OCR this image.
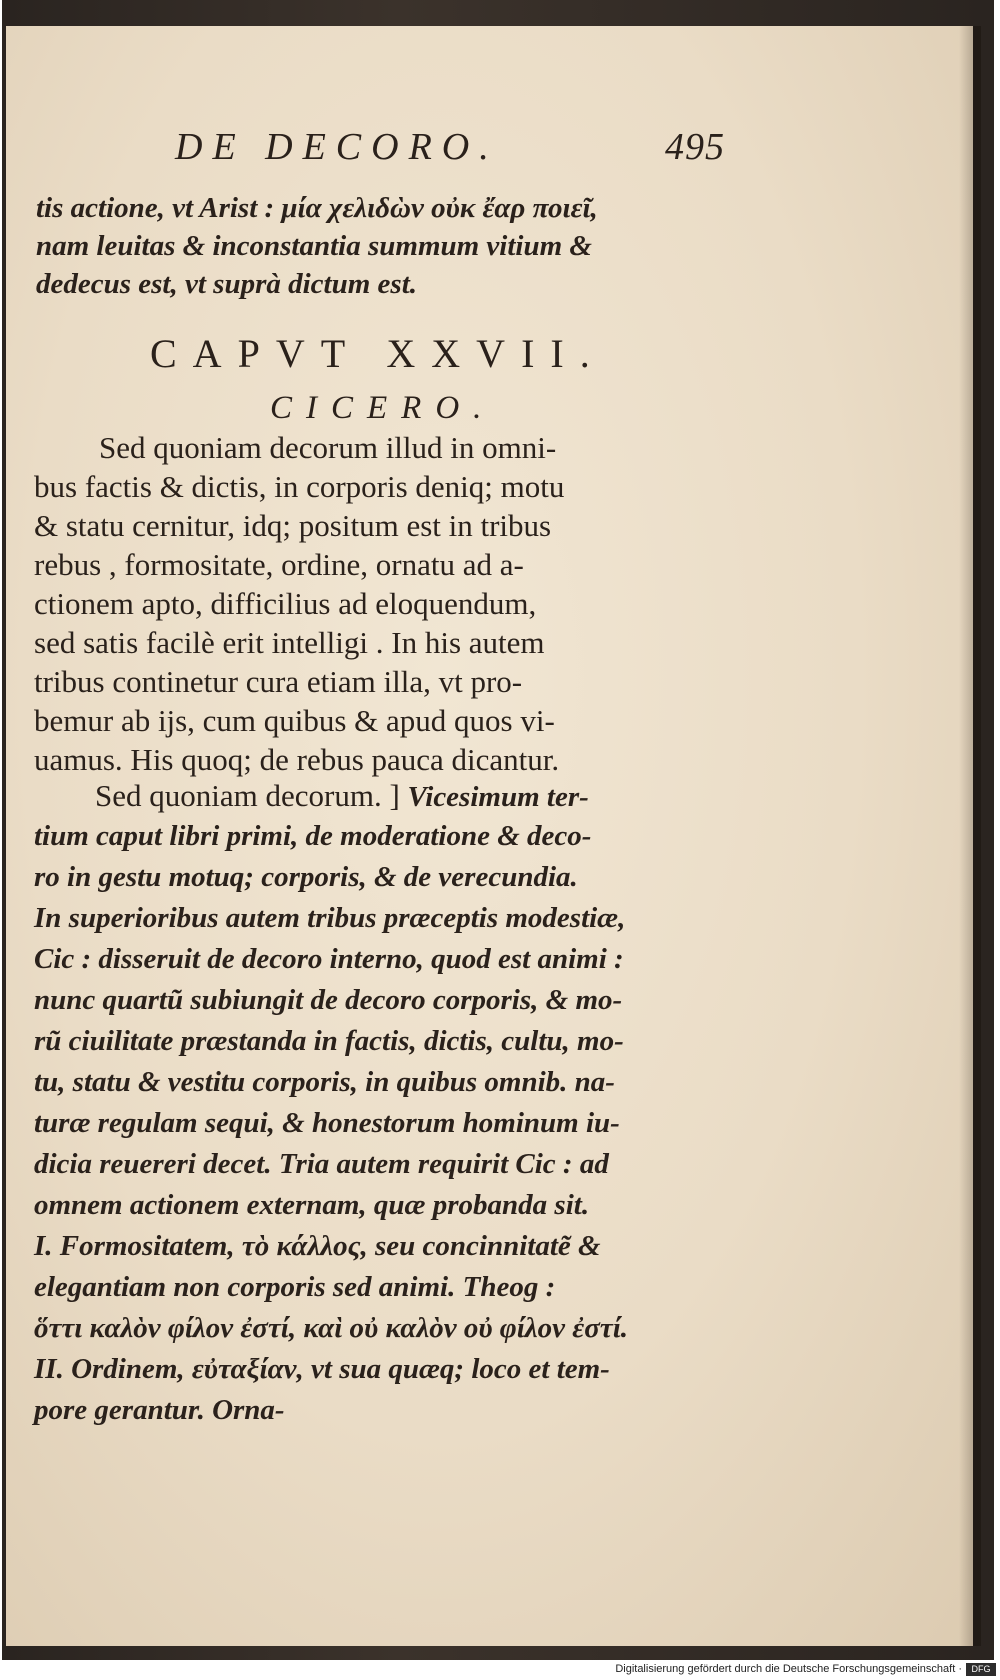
DE DECORO.	495
tis actione, vt Arist : μία χελιδὼν οὐκ ἔαρ ποιεῖ,
nam leuitas & inconstantia summum vitium &
dedecus est, vt suprà dictum est.
CAPVT XXVII.
CICERO.
Sed quoniam decorum illud in omni-
bus factis & dictis, in corporis deniq; motu
& statu cernitur, idq; positum est in tribus
rebus , formositate, ordine, ornatu ad a-
ctionem apto, difficilius ad eloquendum,
sed satis facilè erit intelligi . In his autem
tribus continetur cura etiam illa, vt pro-
bemur ab ĳs, cum quibus & apud quos vi-
uamus. His quoq; de rebus pauca dicantur.
Sed quoniam decorum. ] Vicesimum ter-
tium caput libri primi, de moderatione & deco-
ro in gestu motuq; corporis, & de verecundia.
In superioribus autem tribus præceptis modestiæ,
Cic : disseruit de decoro interno, quod est animi :
nunc quartũ subiungit de decoro corporis, & mo-
rũ ciuilitate præstanda in factis, dictis, cultu, mo-
tu, statu & vestitu corporis, in quibus omnib. na-
turæ regulam sequi, & honestorum hominum iu-
dicia reuereri decet. Tria autem requirit Cic : ad
omnem actionem externam, quæ probanda sit.
I. Formositatem, τὸ κάλλος, seu concinnitatẽ &
elegantiam non corporis sed animi. Theog :
ὅττι καλὸν φίλον ἐστί, καὶ οὐ καλὸν οὐ φίλον ἐστί.
II. Ordinem, εὐταξίαν, vt sua quæq; loco et tem-
pore gerantur. Orna-
Digitalisierung gefördert durch die Deutsche Forschungsgemeinschaft ·	DFG
